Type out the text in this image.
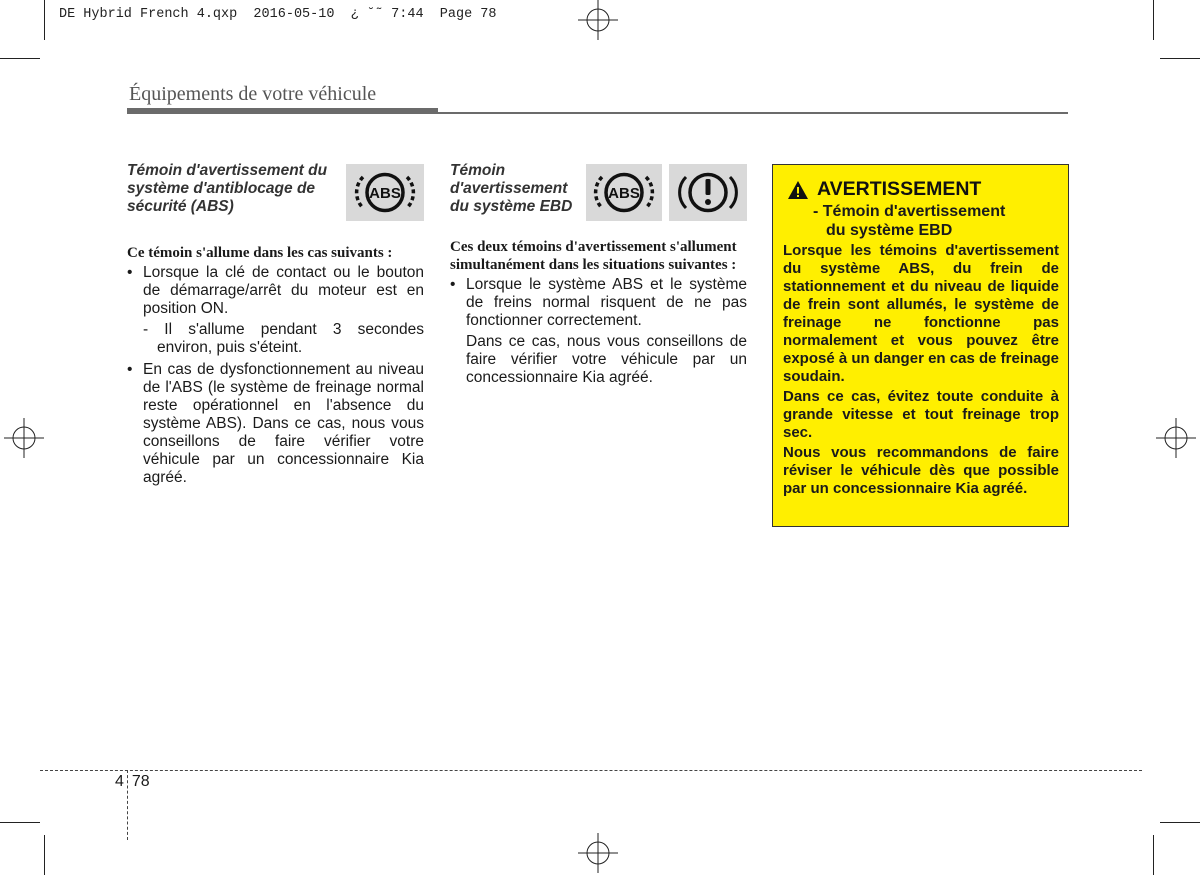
DE Hybrid French 4.qxp  2016-05-10  ¿ ˘˜ 7:44  Page 78
Équipements de votre véhicule
Témoin d'avertissement du système d'antiblocage de sécurité (ABS)

Ce témoin s'allume dans les cas suivants :

• Lorsque la clé de contact ou le bouton de démarrage/arrêt du moteur est en position ON.

- Il s'allume pendant 3 secondes environ, puis s'éteint.

• En cas de dysfonctionnement au niveau de l'ABS (le système de freinage normal reste opérationnel en l'absence du système ABS). Dans ce cas, nous vous conseillons de faire vérifier votre véhicule par un concessionnaire Kia agréé.

ABS
Témoin
d'avertissement
du système EBD

Ces deux témoins d'avertissement s'allument simultanément dans les situations suivantes :

• Lorsque le système ABS et le système de freins normal risquent de ne pas fonctionner correctement.

Dans ce cas, nous vous conseillons de faire vérifier votre véhicule par un concessionnaire Kia agréé.

ABS	AVERTISSEMENT
- Témoin d'avertissement
du système EBD

Lorsque les témoins d'avertissement du système ABS, du frein de stationnement et du niveau de liquide de frein sont allumés, le système de freinage ne fonctionne pas normalement et vous pouvez être exposé à un danger en cas de freinage soudain.

Dans ce cas, évitez toute conduite à grande vitesse et tout freinage trop sec.

Nous vous recommandons de faire réviser le véhicule dès que possible par un concessionnaire Kia agréé.

4 78
